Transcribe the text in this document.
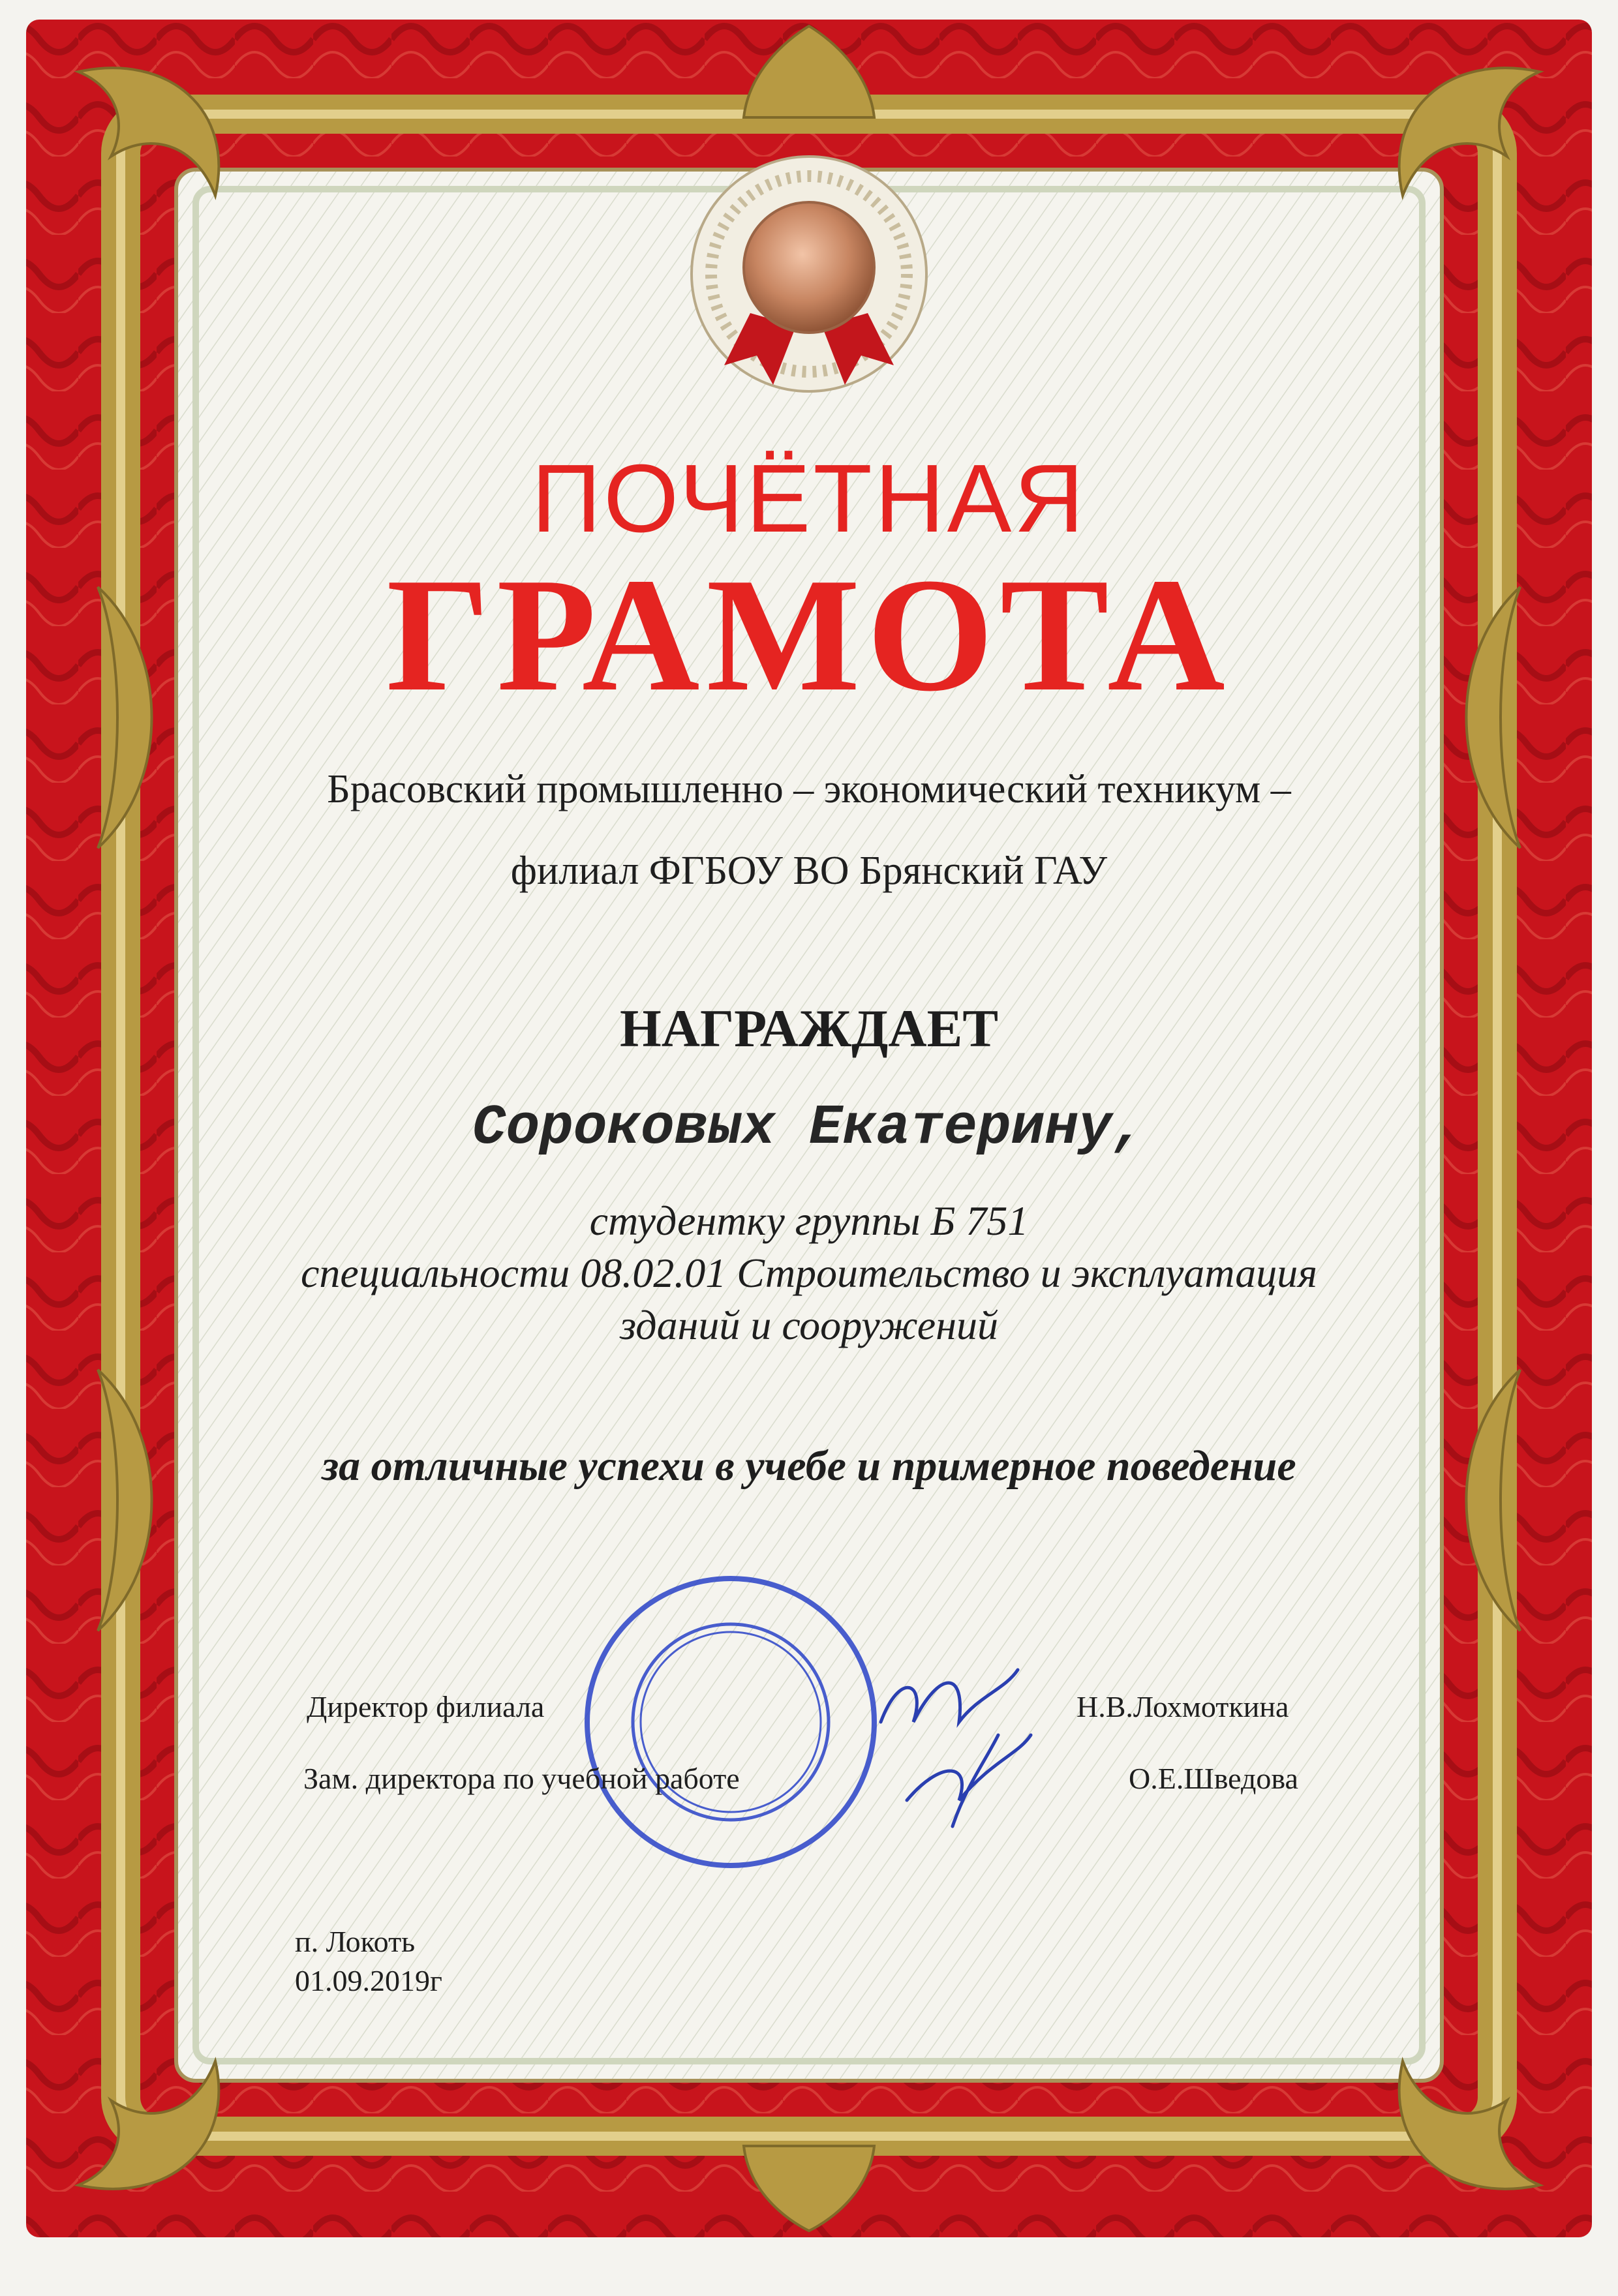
ПОЧЁТНАЯ
ГРАМОТА
Брасовский промышленно – экономический техникум –
филиал ФГБОУ ВО Брянский ГАУ
НАГРАЖДАЕТ
Сороковых Екатерину,
студентку группы Б 751
специальности 08.02.01 Строительство и эксплуатация
зданий и сооружений
за отличные успехи в учебе и примерное поведение
Директор филиала	Н.В.Лохмоткина
Зам. директора по учебной работе	О.Е.Шведова
п. Локоть
01.09.2019г
